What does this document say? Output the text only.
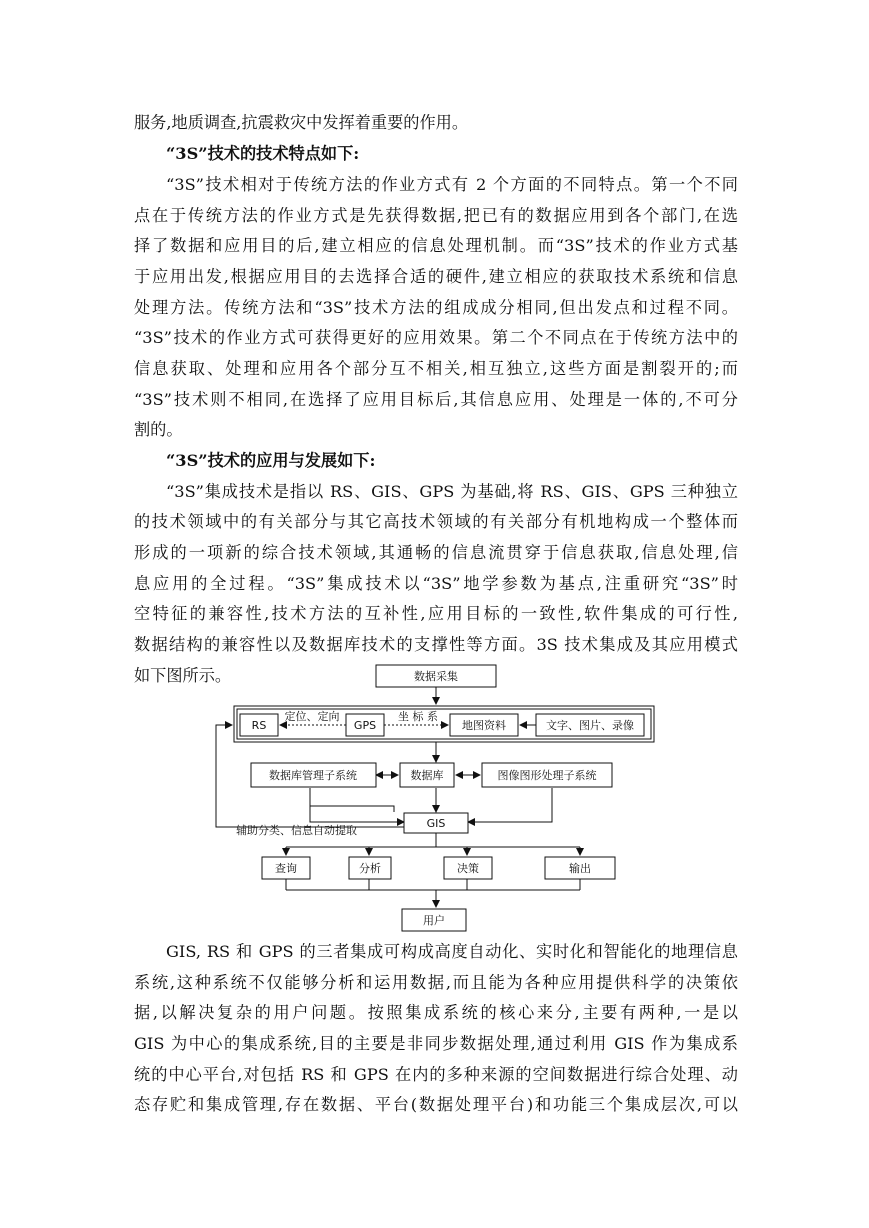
服务,地质调查,抗震救灾中发挥着重要的作用。
“3S”技术的技术特点如下:
“3S”技术相对于传统方法的作业方式有 2 个方面的不同特点。第一个不同
点在于传统方法的作业方式是先获得数据,把已有的数据应用到各个部门,在选
择了数据和应用目的后,建立相应的信息处理机制。而“3S”技术的作业方式基
于应用出发,根据应用目的去选择合适的硬件,建立相应的获取技术系统和信息
处理方法。传统方法和“3S”技术方法的组成成分相同,但出发点和过程不同。
“3S”技术的作业方式可获得更好的应用效果。第二个不同点在于传统方法中的
信息获取、处理和应用各个部分互不相关,相互独立,这些方面是割裂开的;而
“3S”技术则不相同,在选择了应用目标后,其信息应用、处理是一体的,不可分
割的。
“3S”技术的应用与发展如下:
“3S”集成技术是指以 RS、GIS、GPS 为基础,将 RS、GIS、GPS 三种独立
的技术领域中的有关部分与其它高技术领域的有关部分有机地构成一个整体而
形成的一项新的综合技术领域,其通畅的信息流贯穿于信息获取,信息处理,信
息应用的全过程。“3S”集成技术以“3S”地学参数为基点,注重研究“3S”时
空特征的兼容性,技术方法的互补性,应用目标的一致性,软件集成的可行性,
数据结构的兼容性以及数据库技术的支撑性等方面。3S 技术集成及其应用模式
如下图所示。	数据采集
RS	GPS	地图资料	文字、图片、录像
定位、定向	坐 标 系
数据库管理子系统	数据库	图像图形处理子系统
GIS
辅助分类、信息自动提取
查询	分析	决策	输出
用户
GIS, RS 和 GPS 的三者集成可构成高度自动化、实时化和智能化的地理信息
系统,这种系统不仅能够分析和运用数据,而且能为各种应用提供科学的决策依
据,以解决复杂的用户问题。按照集成系统的核心来分,主要有两种,一是以
GIS 为中心的集成系统,目的主要是非同步数据处理,通过利用 GIS 作为集成系
统的中心平台,对包括 RS 和 GPS 在内的多种来源的空间数据进行综合处理、动
态存贮和集成管理,存在数据、平台(数据处理平台)和功能三个集成层次,可以
